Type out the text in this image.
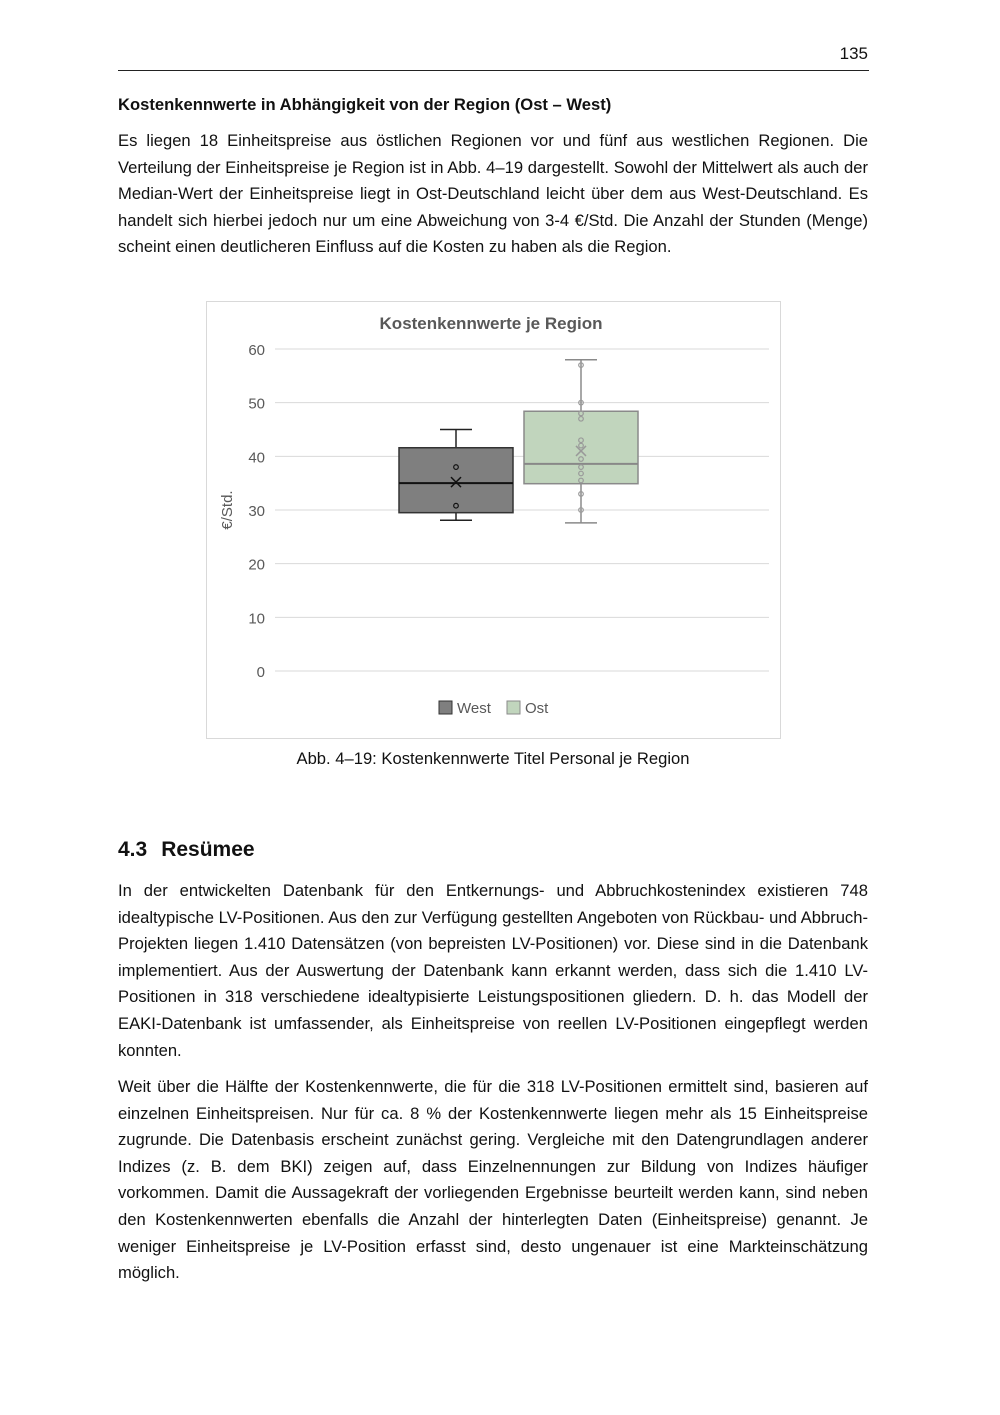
135
Kostenkennwerte in Abhängigkeit von der Region (Ost – West)
Es liegen 18 Einheitspreise aus östlichen Regionen vor und fünf aus westlichen Regionen. Die Verteilung der Einheitspreise je Region ist in Abb. 4–19 dargestellt. Sowohl der Mittelwert als auch der Median-Wert der Einheitspreise liegt in Ost-Deutschland leicht über dem aus West-Deutschland. Es handelt sich hierbei jedoch nur um eine Abweichung von 3-4 €/Std. Die Anzahl der Stunden (Menge) scheint einen deutlicheren Einfluss auf die Kosten zu haben als die Region.
Kostenkennwerte je Region
€/Std.
0
10
20
30
40
50
60
West Ost
Abb. 4–19: Kostenkennwerte Titel Personal je Region
4.3 Resümee
In der entwickelten Datenbank für den Entkernungs- und Abbruchkostenindex existieren 748 idealtypische LV-Positionen. Aus den zur Verfügung gestellten Angeboten von Rückbau- und Abbruch-Projekten liegen 1.410 Datensätzen (von bepreisten LV-Positionen) vor. Diese sind in die Datenbank implementiert. Aus der Auswertung der Datenbank kann erkannt werden, dass sich die 1.410 LV-Positionen in 318 verschiedene idealtypisierte Leistungspositionen gliedern. D. h. das Modell der EAKI-Datenbank ist umfassender, als Einheitspreise von reellen LV-Positionen eingepflegt werden konnten.
Weit über die Hälfte der Kostenkennwerte, die für die 318 LV-Positionen ermittelt sind, basieren auf einzelnen Einheitspreisen. Nur für ca. 8 % der Kostenkennwerte liegen mehr als 15 Einheitspreise zugrunde. Die Datenbasis erscheint zunächst gering. Vergleiche mit den Datengrundlagen anderer Indizes (z. B. dem BKI) zeigen auf, dass Einzelnennungen zur Bildung von Indizes häufiger vorkommen. Damit die Aussagekraft der vorliegenden Ergebnisse beurteilt werden kann, sind neben den Kostenkennwerten ebenfalls die Anzahl der hinterlegten Daten (Einheitspreise) genannt. Je weniger Einheitspreise je LV-Position erfasst sind, desto ungenauer ist eine Markteinschätzung möglich.
